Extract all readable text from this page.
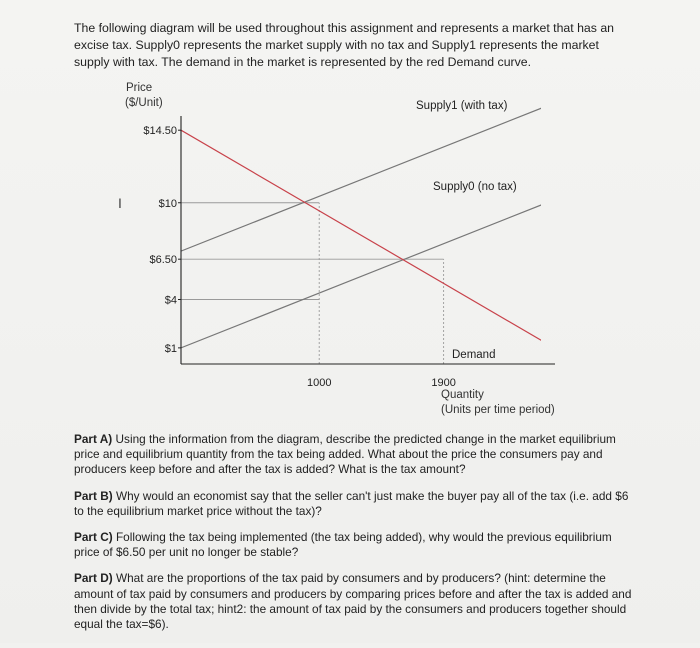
The following diagram will be used throughout this assignment and represents a market that has an excise tax. Supply0 represents the market supply with no tax and Supply1 represents the market supply with tax. The demand in the market is represented by the red Demand curve.

Price
($/Unit)
Quantity
(Units per time period)
$14.50
$10
$6.50
$4
$1
1000	1900
Supply1 (with tax)
Supply0 (no tax)
Demand
I

Part A) Using the information from the diagram, describe the predicted change in the market equilibrium price and equilibrium quantity from the tax being added. What about the price the consumers pay and producers keep before and after the tax is added? What is the tax amount?

Part B) Why would an economist say that the seller can't just make the buyer pay all of the tax (i.e. add $6 to the equilibrium market price without the tax)?

Part C) Following the tax being implemented (the tax being added), why would the previous equilibrium price of $6.50 per unit no longer be stable?

Part D) What are the proportions of the tax paid by consumers and by producers? (hint: determine the amount of tax paid by consumers and producers by comparing prices before and after the tax is added and then divide by the total tax; hint2: the amount of tax paid by the consumers and producers together should equal the tax=$6).
